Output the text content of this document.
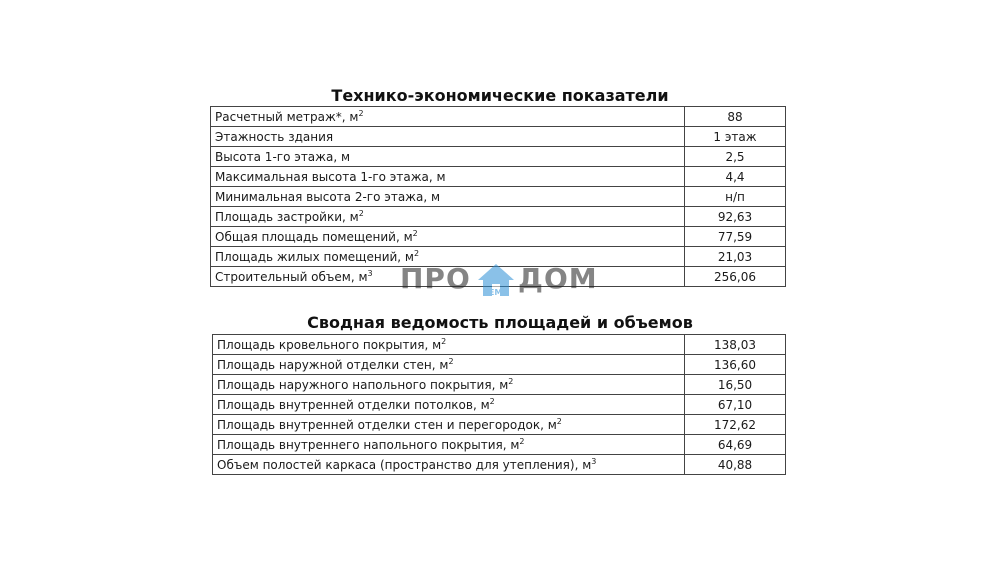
Технико-экономические показатели
Расчетный метраж*, $м^2$	88
Этажность здания	1 этаж
Высота 1-го этажа, м	2,5
Максимальная высота 1-го этажа, м	4,4
Минимальная высота 2-го этажа, м	н/п
Площадь застройки, $м^2$	92,63
Общая площадь помещений, $м^2$	77,59
Площадь жилых помещений, $м^2$	21,03
Строительный объем, $м^3$	256,06
Сводная ведомость площадей и объемов
Площадь кровельного покрытия, $м^2$	138,03
Площадь наружной отделки стен, $м^2$	136,60
Площадь наружного напольного покрытия, $м^2$	16,50
Площадь внутренней отделки потолков, $м^2$	67,10
Площадь внутренней отделки стен и перегородок, $м^2$	172,62
Площадь внутреннего напольного покрытия, $м^2$	64,69
Объем полостей каркаса (пространство для утепления), $м^3$	40,88
ПРО ДОМ
РЕМ
